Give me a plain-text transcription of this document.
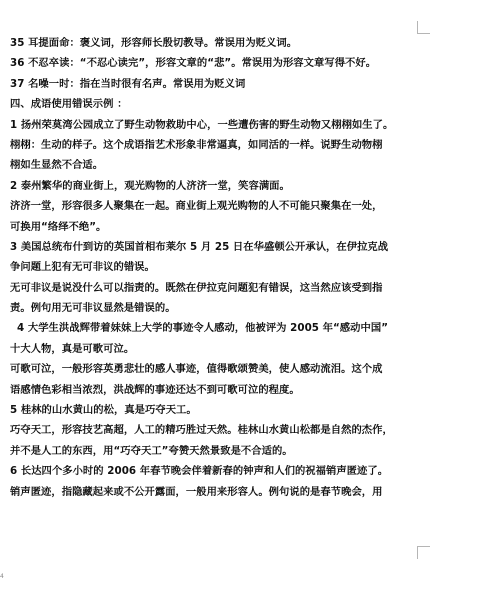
35 耳提面命：褒义词，形容师长殷切教导。常误用为贬义词。
36 不忍卒读：“不忍心读完”，形容文章的“悲”。常误用为形容文章写得不好。
37 名噪一时：指在当时很有名声。常误用为贬义词
四、成语使用错误示例 ：
1 扬州荣莫湾公园成立了野生动物救助中心，一些遭伤害的野生动物又栩栩如生了。
栩栩：生动的样子。这个成语指艺术形象非常逼真，如同活的一样。说野生动物栩
栩如生显然不合适。
2 泰州繁华的商业街上，观光购物的人济济一堂，笑容满面。
济济一堂，形容很多人聚集在一起。商业街上观光购物的人不可能只聚集在一处，
可换用“络绎不绝”。
3 美国总统布什到访的英国首相布莱尔 5 月 25 日在华盛顿公开承认，在伊拉克战
争问题上犯有无可非议的错误。
无可非议是说没什么可以指责的。既然在伊拉克问题犯有错误，这当然应该受到指
责。例句用无可非议显然是错误的。
4 大学生洪战辉带着妹妹上大学的事迹令人感动，他被评为 2005 年“感动中国”
十大人物，真是可歌可泣。
可歌可泣，一般形容英勇悲壮的感人事迹，值得歌颂赞美，使人感动流泪。这个成
语感情色彩相当浓烈，洪战辉的事迹还达不到可歌可泣的程度。
5 桂林的山水黄山的松，真是巧夺天工。
巧夺天工，形容技艺高超，人工的精巧胜过天然。桂林山水黄山松都是自然的杰作，
并不是人工的东西，用“巧夺天工”夸赞天然景致是不合适的。
6 长达四个多小时的 2006 年春节晚会伴着新春的钟声和人们的祝福销声匿迹了。
销声匿迹，指隐藏起来或不公开露面，一般用来形容人。例句说的是春节晚会，用
4
